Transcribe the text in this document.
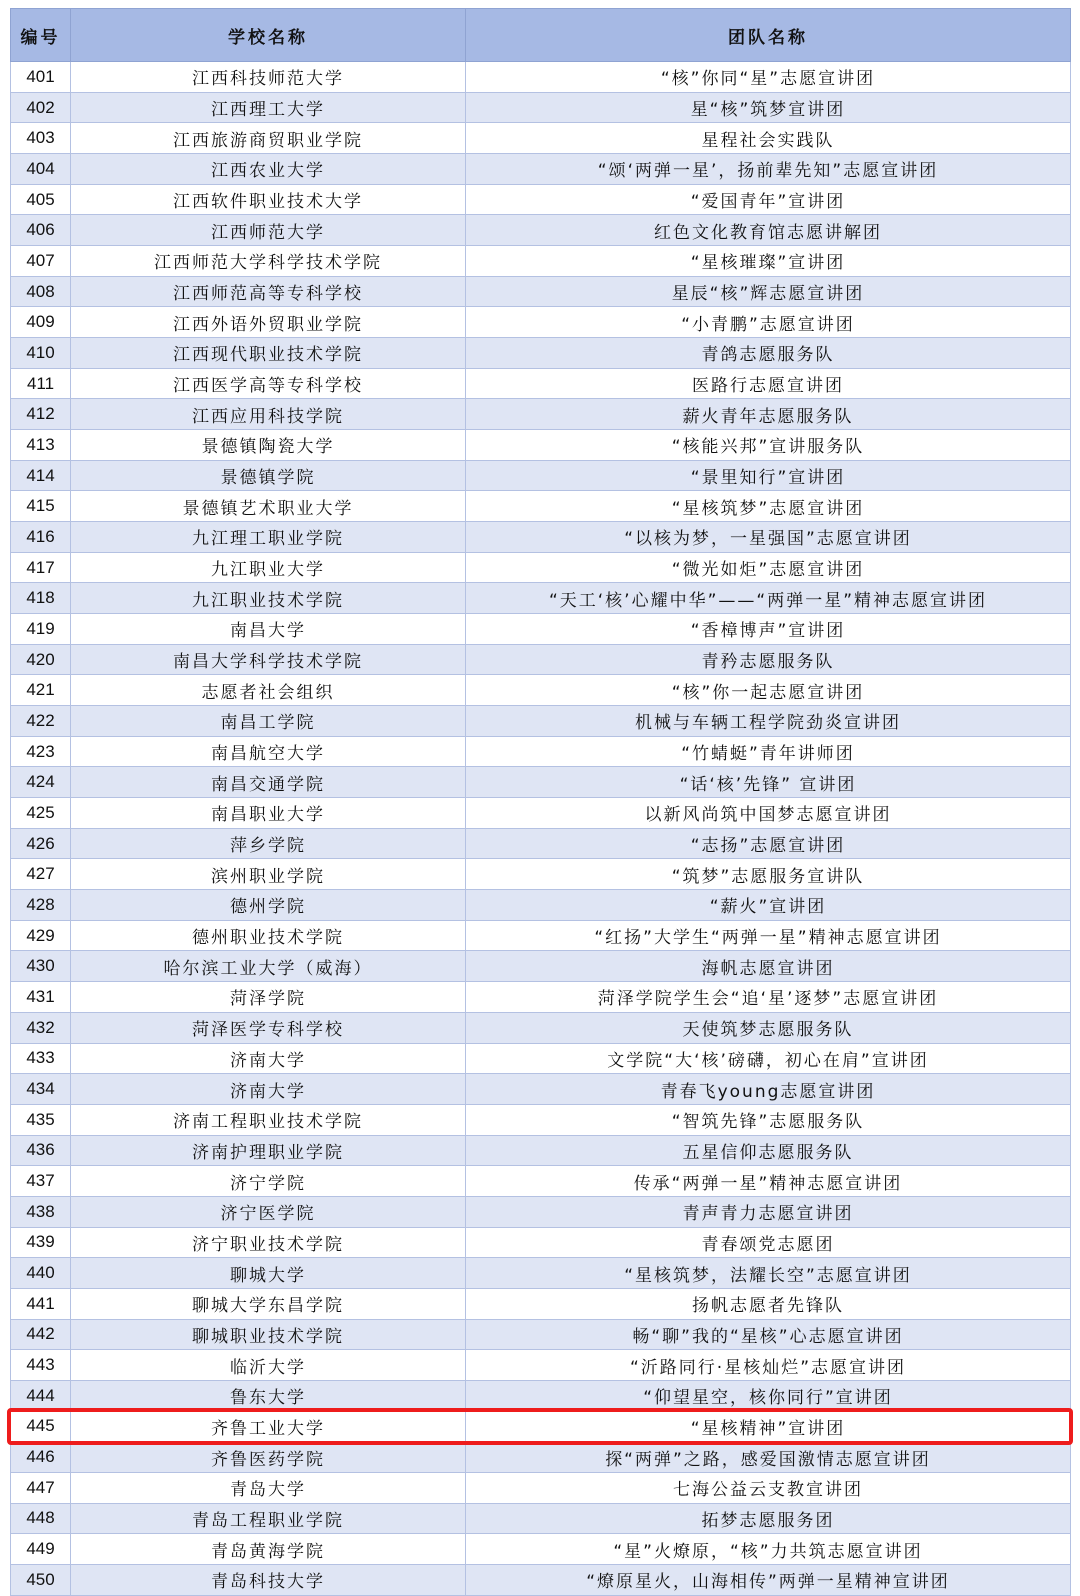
编号	学校名称	团队名称
401	江西科技师范大学	“核”你同“星”志愿宣讲团
402	江西理工大学	星“核”筑梦宣讲团
403	江西旅游商贸职业学院	星程社会实践队
404	江西农业大学	“颂‘两弹一星’，扬前辈先知”志愿宣讲团
405	江西软件职业技术大学	“爱国青年”宣讲团
406	江西师范大学	红色文化教育馆志愿讲解团
407	江西师范大学科学技术学院	“星核璀璨”宣讲团
408	江西师范高等专科学校	星辰“核”辉志愿宣讲团
409	江西外语外贸职业学院	“小青鹏”志愿宣讲团
410	江西现代职业技术学院	青鸽志愿服务队
411	江西医学高等专科学校	医路行志愿宣讲团
412	江西应用科技学院	薪火青年志愿服务队
413	景德镇陶瓷大学	“核能兴邦”宣讲服务队
414	景德镇学院	“景里知行”宣讲团
415	景德镇艺术职业大学	“星核筑梦”志愿宣讲团
416	九江理工职业学院	“以核为梦，一星强国”志愿宣讲团
417	九江职业大学	“微光如炬”志愿宣讲团
418	九江职业技术学院	“天工‘核’心耀中华”——“两弹一星”精神志愿宣讲团
419	南昌大学	“香樟博声”宣讲团
420	南昌大学科学技术学院	青矜志愿服务队
421	志愿者社会组织	“核”你一起志愿宣讲团
422	南昌工学院	机械与车辆工程学院劲炎宣讲团
423	南昌航空大学	“竹蜻蜓”青年讲师团
424	南昌交通学院	“话‘核’先锋” 宣讲团
425	南昌职业大学	以新风尚筑中国梦志愿宣讲团
426	萍乡学院	“志扬”志愿宣讲团
427	滨州职业学院	“筑梦”志愿服务宣讲队
428	德州学院	“薪火”宣讲团
429	德州职业技术学院	“红扬”大学生“两弹一星”精神志愿宣讲团
430	哈尔滨工业大学（威海）	海帆志愿宣讲团
431	菏泽学院	菏泽学院学生会“追‘星’逐梦”志愿宣讲团
432	菏泽医学专科学校	天使筑梦志愿服务队
433	济南大学	文学院“大‘核’磅礴，初心在肩”宣讲团
434	济南大学	青春飞young志愿宣讲团
435	济南工程职业技术学院	“智筑先锋”志愿服务队
436	济南护理职业学院	五星信仰志愿服务队
437	济宁学院	传承“两弹一星”精神志愿宣讲团
438	济宁医学院	青声青力志愿宣讲团
439	济宁职业技术学院	青春颂党志愿团
440	聊城大学	“星核筑梦，法耀长空”志愿宣讲团
441	聊城大学东昌学院	扬帆志愿者先锋队
442	聊城职业技术学院	畅“聊”我的“星核”心志愿宣讲团
443	临沂大学	“沂路同行·星核灿烂”志愿宣讲团
444	鲁东大学	“仰望星空，核你同行”宣讲团
445	齐鲁工业大学	“星核精神”宣讲团
446	齐鲁医药学院	探“两弹”之路，感爱国激情志愿宣讲团
447	青岛大学	七海公益云支教宣讲团
448	青岛工程职业学院	拓梦志愿服务团
449	青岛黄海学院	“星”火燎原，“核”力共筑志愿宣讲团
450	青岛科技大学	“燎原星火，山海相传”两弹一星精神宣讲团
